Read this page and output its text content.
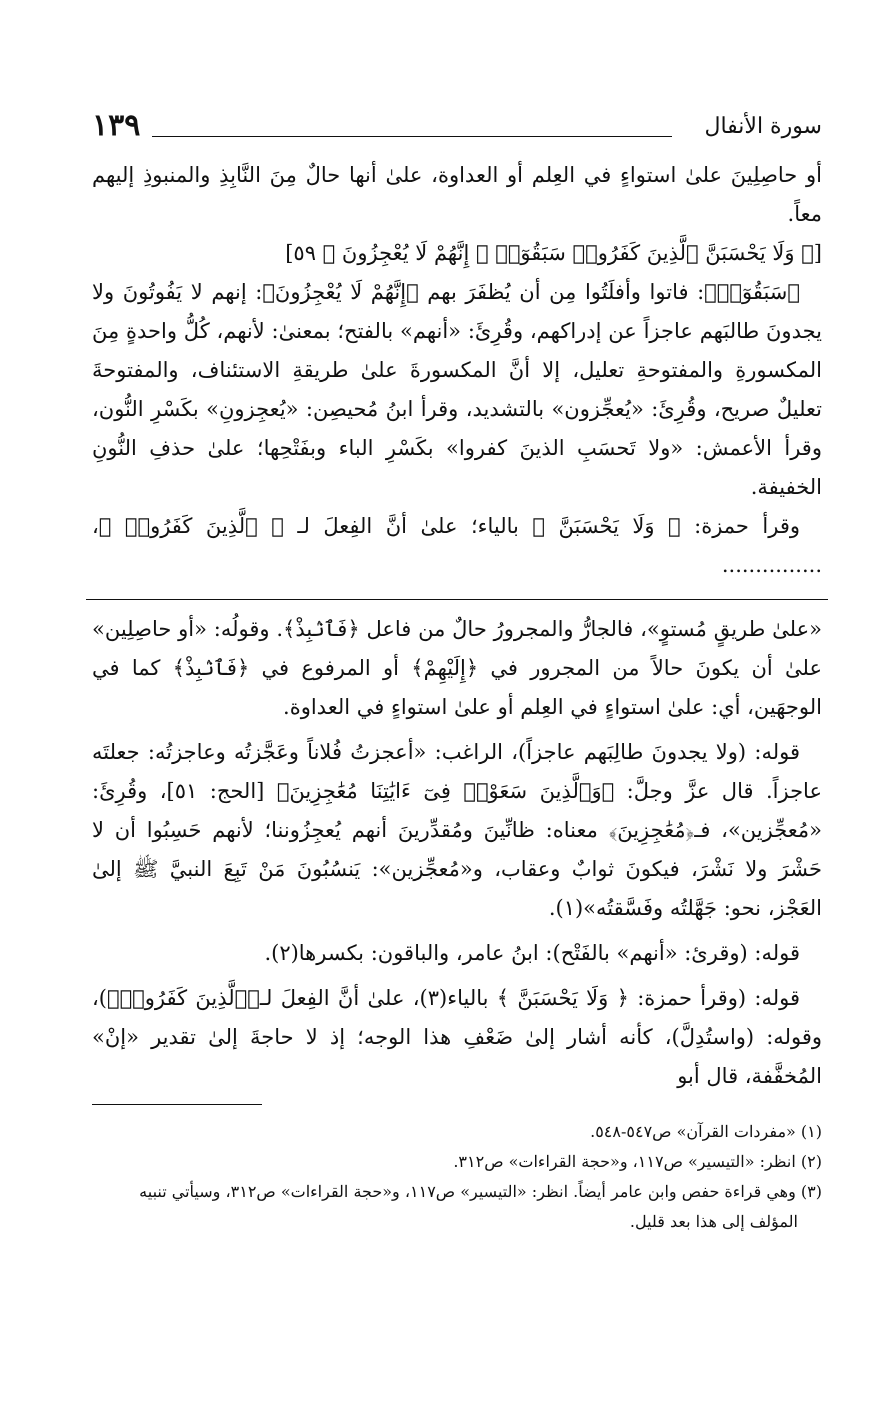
سورة الأنفال
١٣٩

أو حاصِلِينَ علىٰ استواءٍ في العِلم أو العداوة، علىٰ أنها حالٌ مِنَ النَّابِذِ والمنبوذِ إليهم معاً.

[﴿ وَلَا يَحْسَبَنَّ ٱلَّذِينَ كَفَرُوا۟ سَبَقُوٓا۟ ۚ إِنَّهُمْ لَا يُعْجِزُونَ ﴾ ٥٩]

﴿سَبَقُوٓا۟﴾: فاتوا وأفلَتُوا مِن أن يُظفَرَ بهم ﴿إِنَّهُمْ لَا يُعْجِزُونَ﴾: إنهم لا يَفُوتُونَ ولا يجدونَ طالبَهم عاجزاً عن إدراكهم، وقُرِئَ: «أنهم» بالفتح؛ بمعنىٰ: لأنهم، كُلُّ واحدةٍ مِنَ المكسورةِ والمفتوحةِ تعليل، إلا أنَّ المكسورةَ علىٰ طريقةِ الاستئناف، والمفتوحةَ تعليلٌ صريح، وقُرِئَ: «يُعجِّزون» بالتشديد، وقرأ ابنُ مُحيصِن: «يُعجِزونِ» بكَسْرِ النُّون، وقرأ الأعمش: «ولا تَحسَبِ الذينَ كفروا» بكَسْرِ الباء وبفَتْحِها؛ علىٰ حذفِ النُّونِ الخفيفة.

وقرأ حمزة: ﴿ وَلَا يَحْسَبَنَّ ﴾ بالياء؛ علىٰ أنَّ الفِعلَ لـ ﴿ ٱلَّذِينَ كَفَرُوا۟ ﴾، ...............

«علىٰ طريقٍ مُستوٍ»، فالجارُّ والمجرورُ حالٌ من فاعل ﴿فَٱنۢبِذْ﴾. وقولُه: «أو حاصِلِين» علىٰ أن يكونَ حالاً من المجرور في ﴿إِلَيْهِمْ﴾ أو المرفوع في ﴿فَٱنۢبِذْ﴾ كما في الوجهَين، أي: علىٰ استواءٍ في العِلم أو علىٰ استواءٍ في العداوة.

قوله: (ولا يجدونَ طالِبَهم عاجزاً)، الراغب: «أعجزتُ فُلاناً وعَجَّزتُه وعاجزتُه: جعلتَه عاجزاً. قال عزَّ وجلَّ: ﴿وَٱلَّذِينَ سَعَوْا۟ فِىٓ ءَايَٰتِنَا مُعَٰجِزِينَ﴾ [الحج: ٥١]، وقُرِئَ: «مُعجِّزين»، فـ﴿مُعَٰجِزِينَ﴾ معناه: ظانِّينَ ومُقدِّرينَ أنهم يُعجِزُوننا؛ لأنهم حَسِبُوا أن لا حَشْرَ ولا نَشْرَ، فيكونَ ثوابٌ وعقاب، و«مُعجِّزين»: يَنسُبُونَ مَنْ تَبِعَ النبيَّ ﷺ إلىٰ العَجْز، نحو: جَهَّلتُه وفَسَّقتُه»(١).

قوله: (وقرئ: «أنهم» بالفَتْح): ابنُ عامر، والباقون: بكسرها(٢).

قوله: (وقرأ حمزة: ﴿ وَلَا يَحْسَبَنَّ ﴾ بالياء(٣)، علىٰ أنَّ الفِعلَ لـ﴿ٱلَّذِينَ كَفَرُوا۟﴾)، وقوله: (واستُدِلَّ)، كأنه أشار إلىٰ ضَعْفِ هذا الوجه؛ إذ لا حاجةَ إلىٰ تقدير «إنْ» المُخفَّفة، قال أبو

(١) «مفردات القرآن» ص٥٤٧-٥٤٨.

(٢) انظر: «التيسير» ص١١٧، و«حجة القراءات» ص٣١٢.

(٣) وهي قراءة حفص وابن عامر أيضاً. انظر: «التيسير» ص١١٧، و«حجة القراءات» ص٣١٢، وسيأتي تنبيه المؤلف إلى هذا بعد قليل.
